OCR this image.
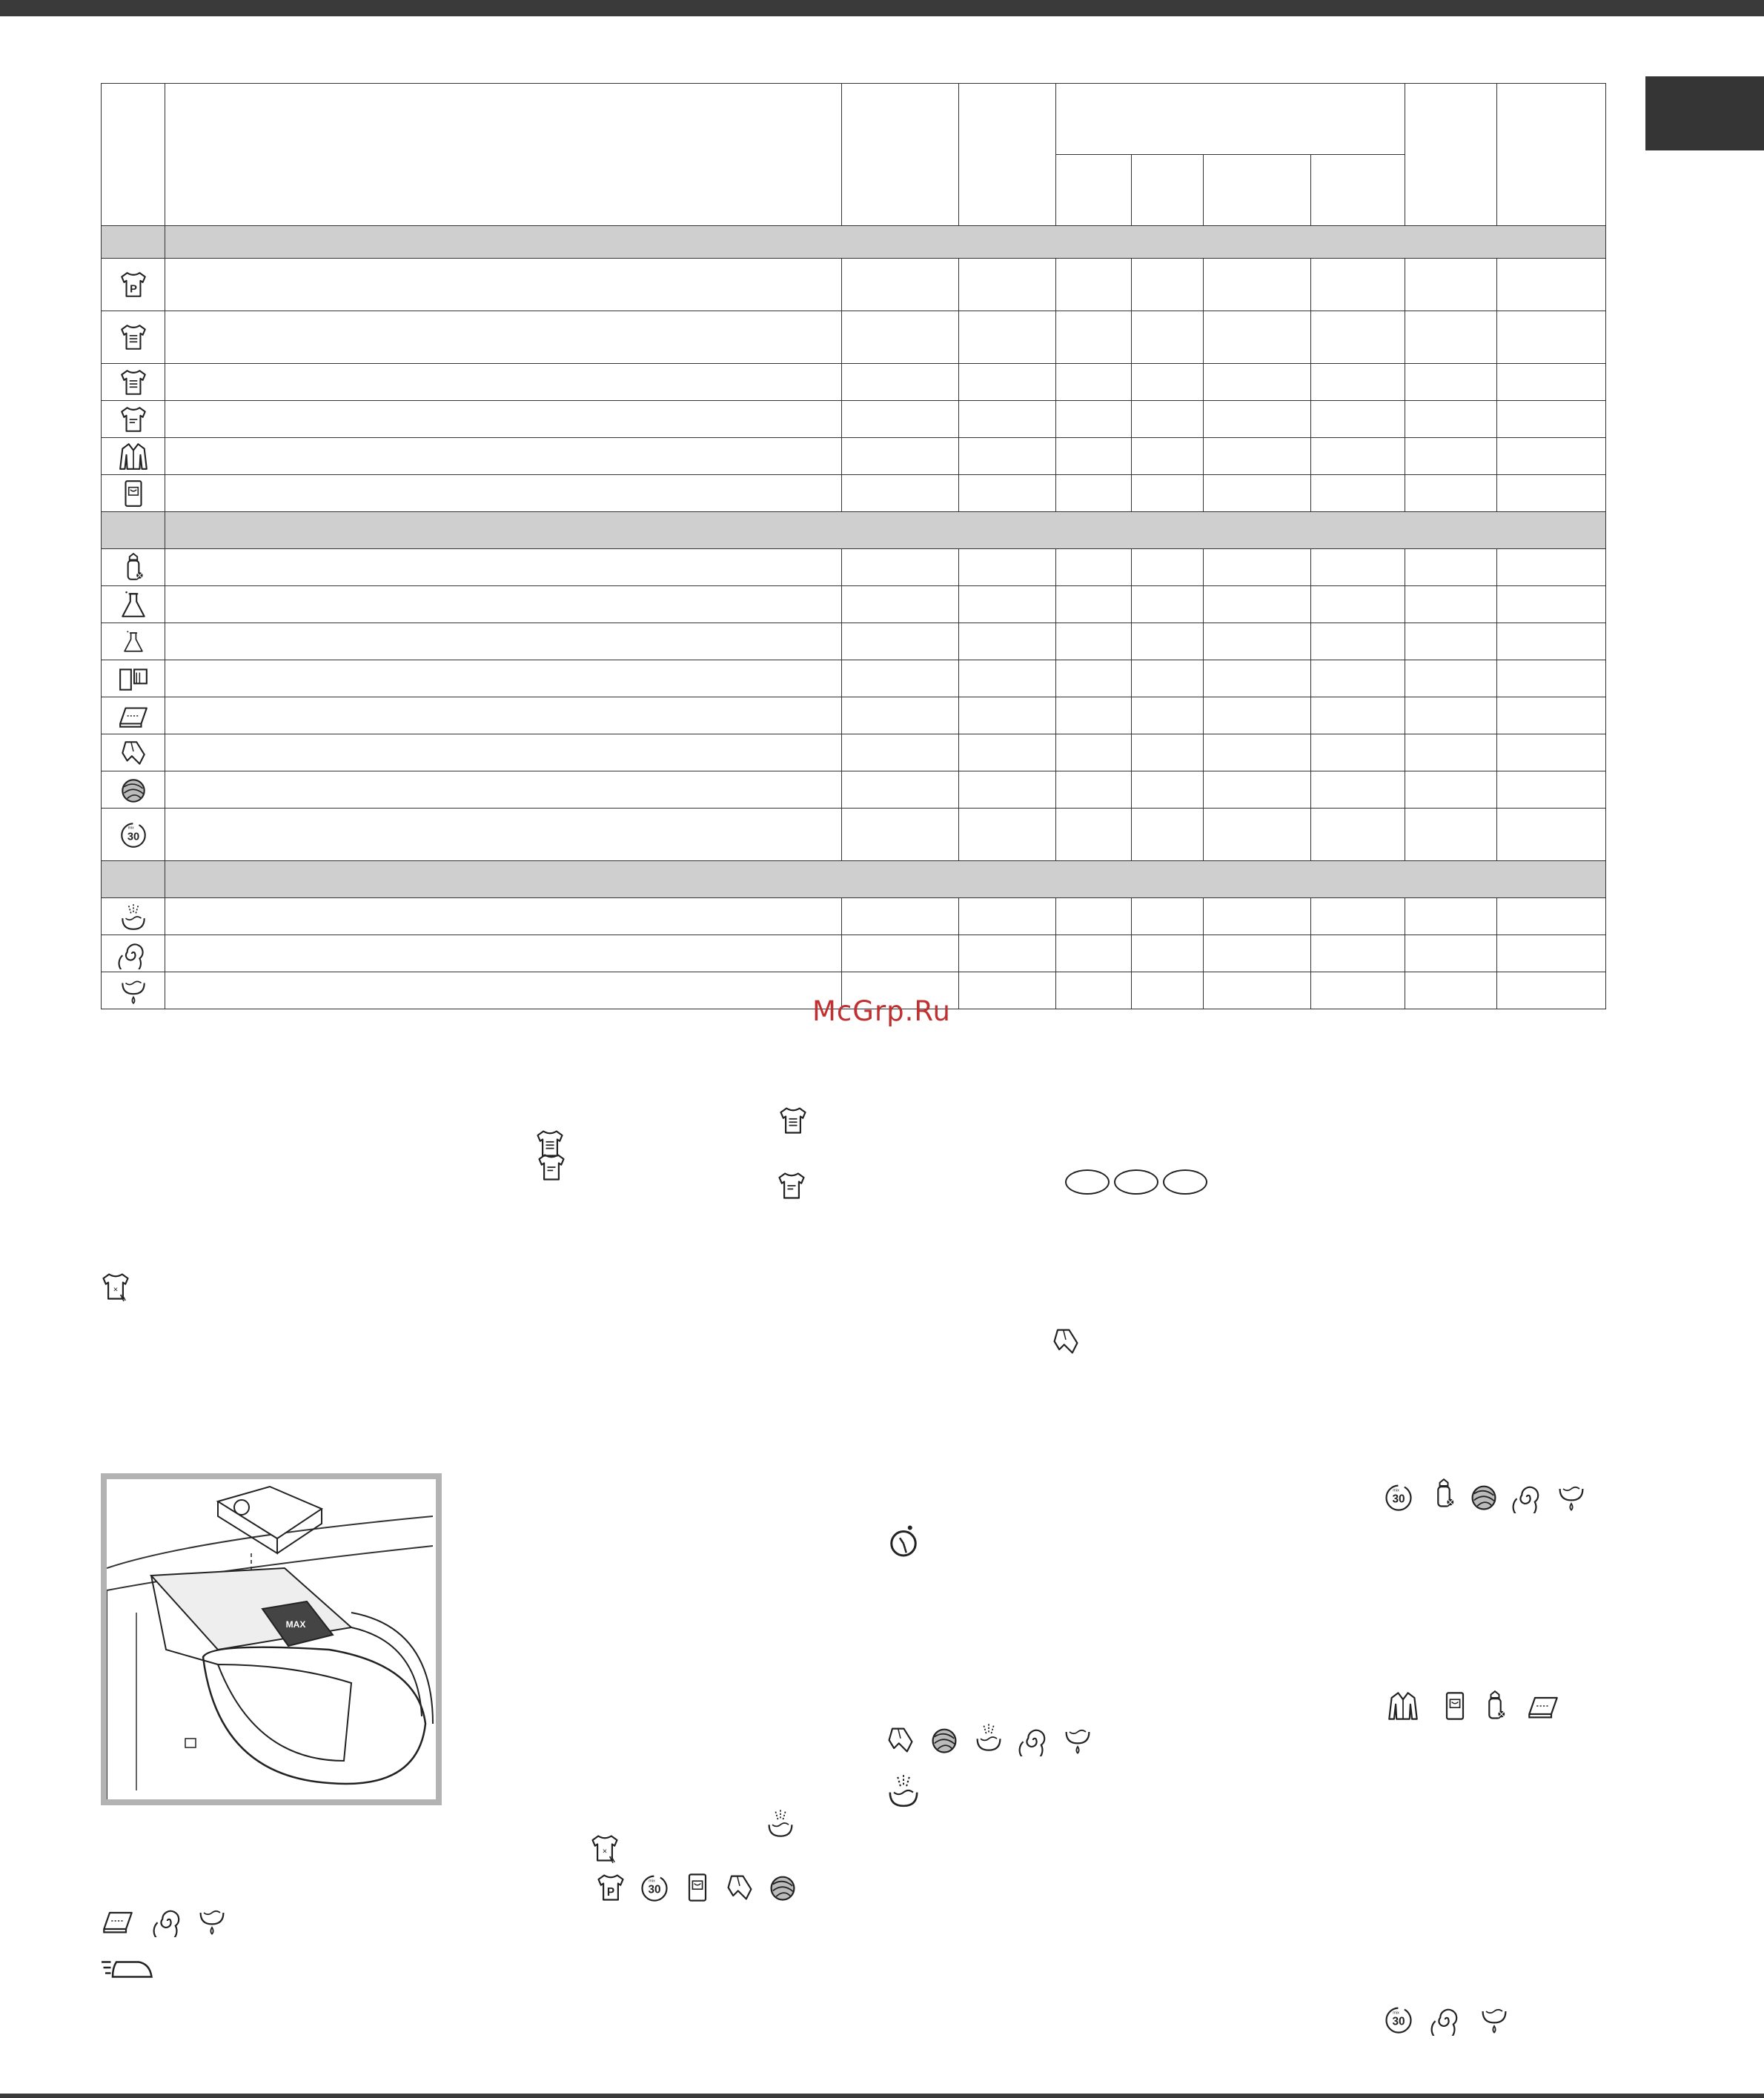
McGrp.Ru
MAX
